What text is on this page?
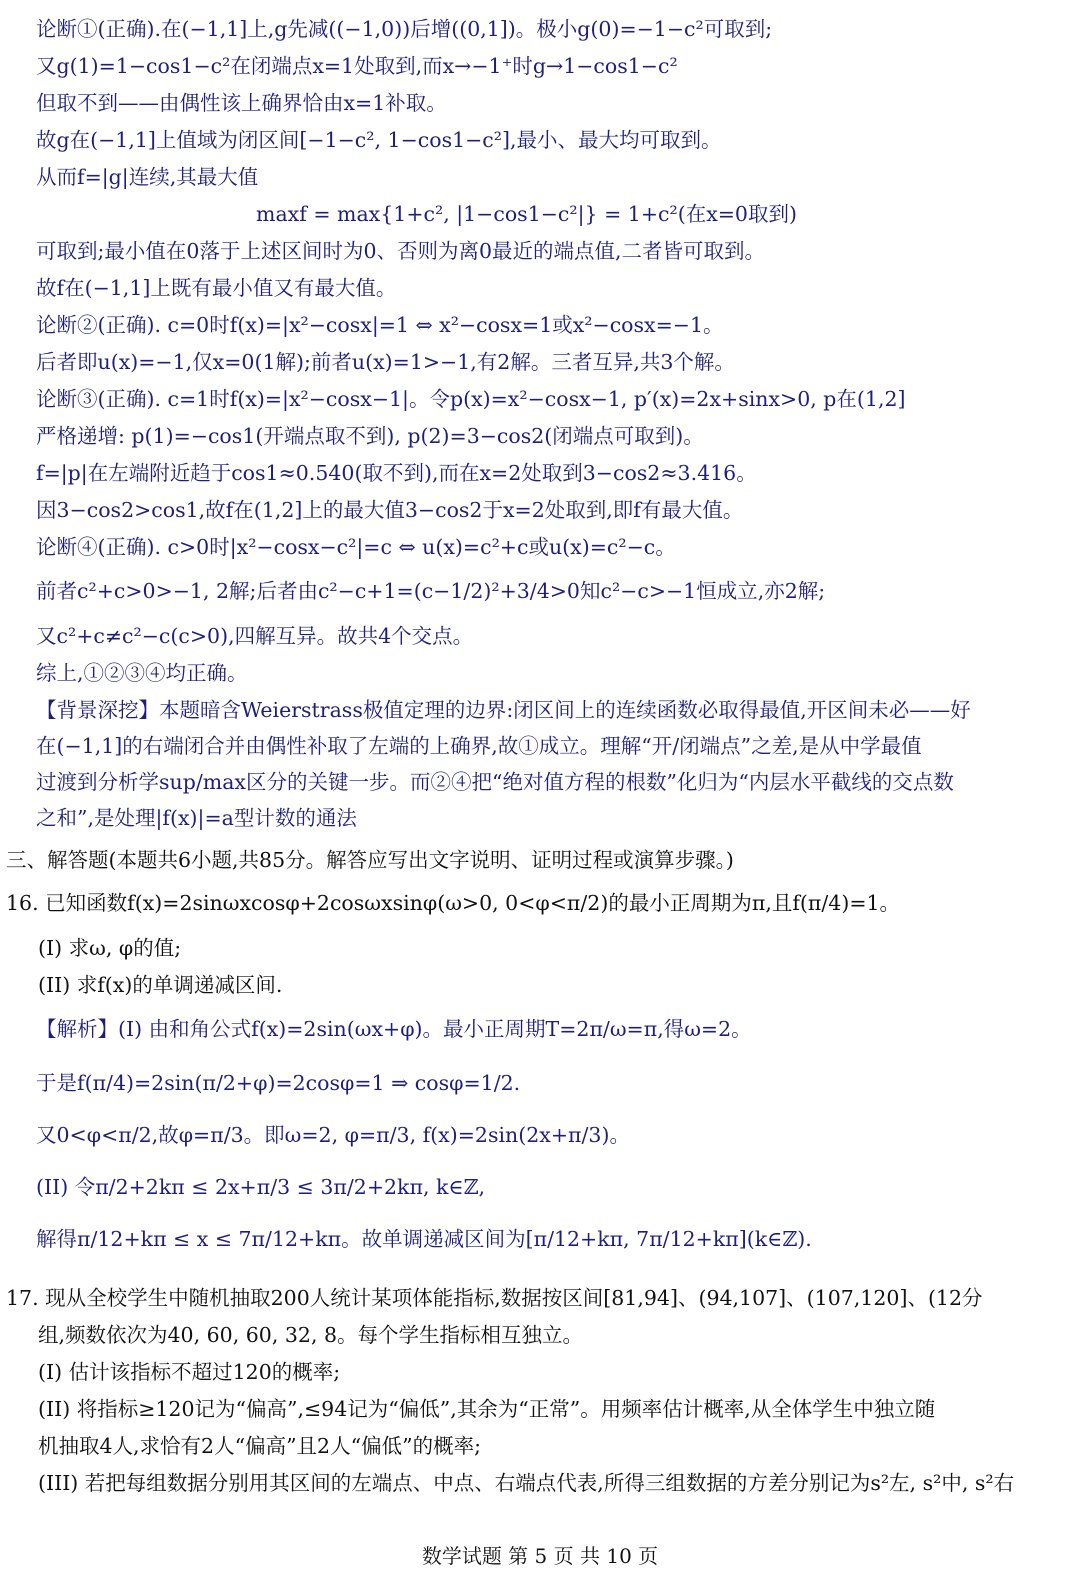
论断①(正确).在(−1,1]上,g先减((−1,0))后增((0,1])。极小g(0)=−1−c²可取到;
又g(1)=1−cos1−c²在闭端点x=1处取到,而x→−1⁺时g→1−cos1−c²
但取不到——由偶性该上确界恰由x=1补取。
故g在(−1,1]上值域为闭区间[−1−c², 1−cos1−c²],最小、最大均可取到。
从而f=|g|连续,其最大值
maxf = max{1+c², |1−cos1−c²|} = 1+c²(在x=0取到)
可取到;最小值在0落于上述区间时为0、否则为离0最近的端点值,二者皆可取到。
故f在(−1,1]上既有最小值又有最大值。
论断②(正确). c=0时f(x)=|x²−cosx|=1 ⇔ x²−cosx=1或x²−cosx=−1。
后者即u(x)=−1,仅x=0(1解);前者u(x)=1>−1,有2解。三者互异,共3个解。
论断③(正确). c=1时f(x)=|x²−cosx−1|。令p(x)=x²−cosx−1, p′(x)=2x+sinx>0, p在(1,2]
严格递增: p(1)=−cos1(开端点取不到), p(2)=3−cos2(闭端点可取到)。
f=|p|在左端附近趋于cos1≈0.540(取不到),而在x=2处取到3−cos2≈3.416。
因3−cos2>cos1,故f在(1,2]上的最大值3−cos2于x=2处取到,即f有最大值。
论断④(正确). c>0时|x²−cosx−c²|=c ⇔ u(x)=c²+c或u(x)=c²−c。
前者c²+c>0>−1, 2解;后者由c²−c+1=(c−1/2)²+3/4>0知c²−c>−1恒成立,亦2解;
又c²+c≠c²−c(c>0),四解互异。故共4个交点。
综上,①②③④均正确。
【背景深挖】本题暗含Weierstrass极值定理的边界:闭区间上的连续函数必取得最值,开区间未必——好
在(−1,1]的右端闭合并由偶性补取了左端的上确界,故①成立。理解“开/闭端点”之差,是从中学最值
过渡到分析学sup/max区分的关键一步。而②④把“绝对值方程的根数”化归为“内层水平截线的交点数
之和”,是处理|f(x)|=a型计数的通法
三、解答题(本题共6小题,共85分。解答应写出文字说明、证明过程或演算步骤。)
16. 已知函数f(x)=2sinωxcosφ+2cosωxsinφ(ω>0, 0<φ<π/2)的最小正周期为π,且f(π/4)=1。
(I) 求ω, φ的值;
(II) 求f(x)的单调递减区间.
【解析】(I) 由和角公式f(x)=2sin(ωx+φ)。最小正周期T=2π/ω=π,得ω=2。
于是f(π/4)=2sin(π/2+φ)=2cosφ=1 ⇒ cosφ=1/2.
又0<φ<π/2,故φ=π/3。即ω=2, φ=π/3, f(x)=2sin(2x+π/3)。
(II) 令π/2+2kπ ≤ 2x+π/3 ≤ 3π/2+2kπ, k∈ℤ,
解得π/12+kπ ≤ x ≤ 7π/12+kπ。故单调递减区间为[π/12+kπ, 7π/12+kπ](k∈ℤ).
17. 现从全校学生中随机抽取200人统计某项体能指标,数据按区间[81,94]、(94,107]、(107,120]、(12分
组,频数依次为40, 60, 60, 32, 8。每个学生指标相互独立。
(I) 估计该指标不超过120的概率;
(II) 将指标≥120记为“偏高”,≤94记为“偏低”,其余为“正常”。用频率估计概率,从全体学生中独立随
机抽取4人,求恰有2人“偏高”且2人“偏低”的概率;
(III) 若把每组数据分别用其区间的左端点、中点、右端点代表,所得三组数据的方差分别记为s²左, s²中, s²右
数学试题 第 5 页 共 10 页
